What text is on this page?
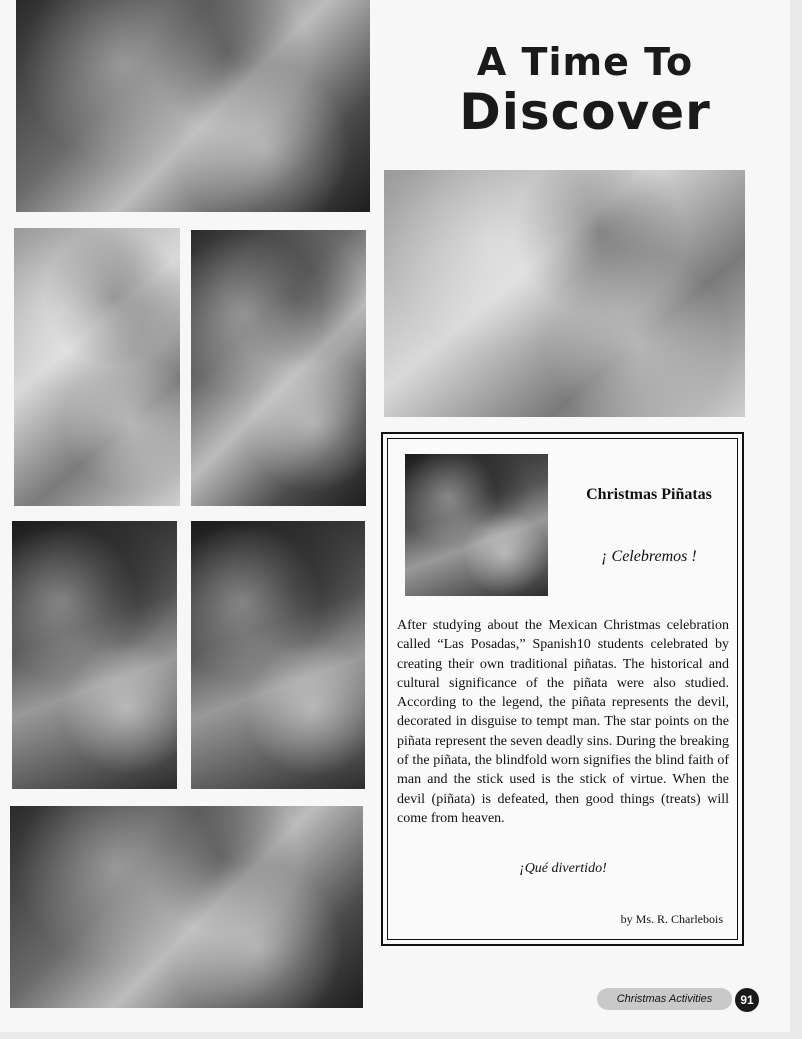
A Time To
Discover
Christmas Piñatas
¡ Celebremos !
After studying about the Mexican Christmas celebration called “Las Posadas,” Spanish10 students celebrated by creating their own traditional piñatas. The historical and cultural significance of the piñata were also studied. According to the legend, the piñata represents the devil, decorated in disguise to tempt man. The star points on the piñata represent the seven deadly sins. During the breaking of the piñata, the blindfold worn signifies the blind faith of man and the stick used is the stick of virtue. When the devil (piñata) is defeated, then good things (treats) will come from heaven.
¡Qué divertido!
by Ms. R. Charlebois
Christmas Activities	91
